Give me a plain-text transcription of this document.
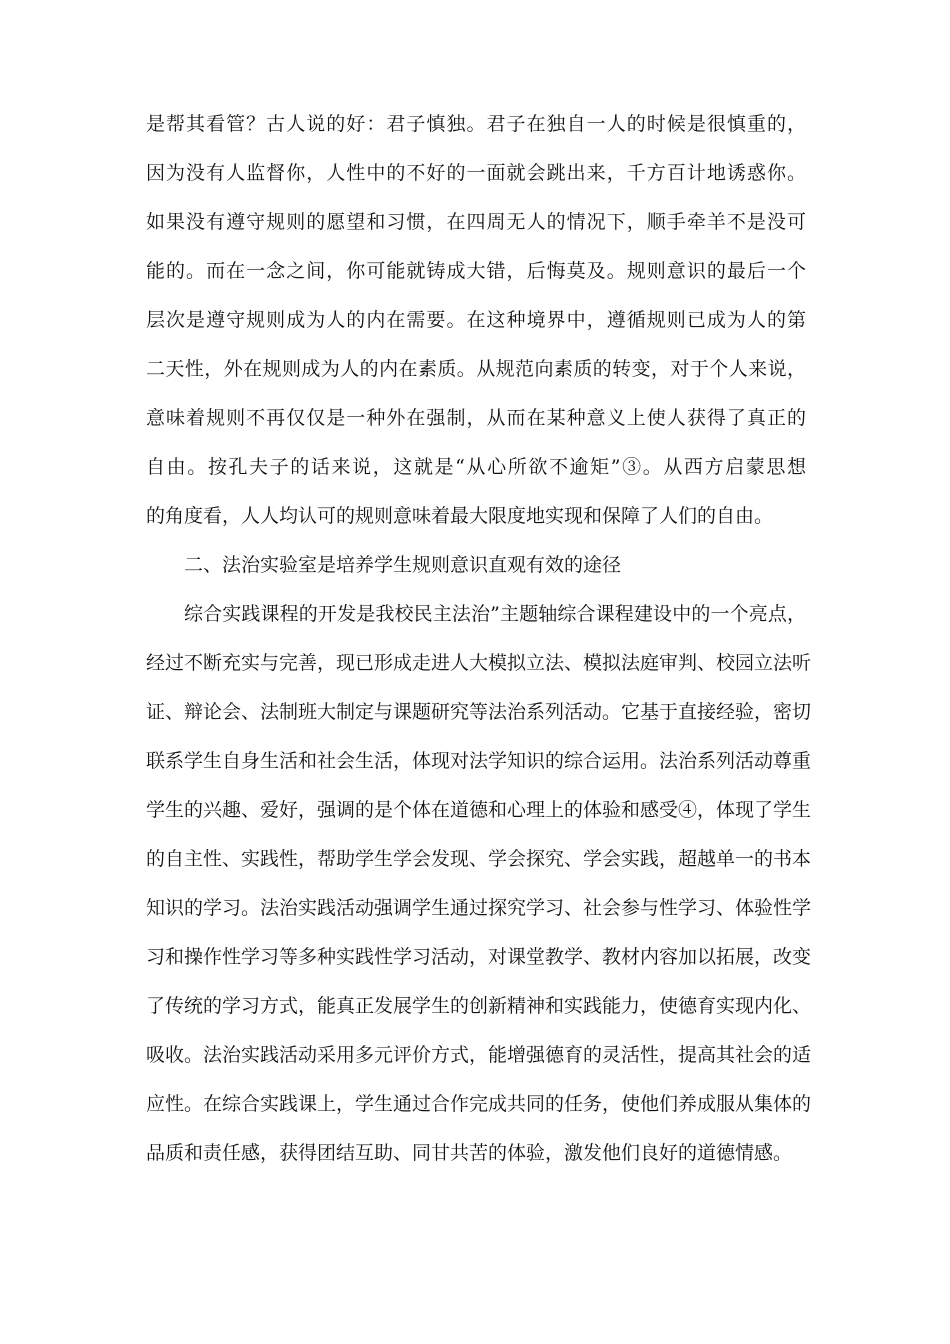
是帮其看管？古人说的好：君子慎独。君子在独自一人的时候是很慎重的，
因为没有人监督你，人性中的不好的一面就会跳出来，千方百计地诱惑你。
如果没有遵守规则的愿望和习惯，在四周无人的情况下，顺手牵羊不是没可
能的。而在一念之间，你可能就铸成大错，后悔莫及。规则意识的最后一个
层次是遵守规则成为人的内在需要。在这种境界中，遵循规则已成为人的第
二天性，外在规则成为人的内在素质。从规范向素质的转变，对于个人来说，
意味着规则不再仅仅是一种外在强制，从而在某种意义上使人获得了真正的
自由。按孔夫子的话来说，这就是“从心所欲不逾矩”③。从西方启蒙思想
的角度看，人人均认可的规则意味着最大限度地实现和保障了人们的自由。
二、法治实验室是培养学生规则意识直观有效的途径
综合实践课程的开发是我校民主法治”主题轴综合课程建设中的一个亮点，
经过不断充实与完善，现已形成走进人大模拟立法、模拟法庭审判、校园立法听
证、辩论会、法制班大制定与课题研究等法治系列活动。它基于直接经验，密切
联系学生自身生活和社会生活，体现对法学知识的综合运用。法治系列活动尊重
学生的兴趣、爱好，强调的是个体在道德和心理上的体验和感受④，体现了学生
的自主性、实践性，帮助学生学会发现、学会探究、学会实践，超越单一的书本
知识的学习。法治实践活动强调学生通过探究学习、社会参与性学习、体验性学
习和操作性学习等多种实践性学习活动，对课堂教学、教材内容加以拓展，改变
了传统的学习方式，能真正发展学生的创新精神和实践能力，使德育实现内化、
吸收。法治实践活动采用多元评价方式，能增强德育的灵活性，提高其社会的适
应性。在综合实践课上，学生通过合作完成共同的任务，使他们养成服从集体的
品质和责任感，获得团结互助、同甘共苦的体验，激发他们良好的道德情感。
